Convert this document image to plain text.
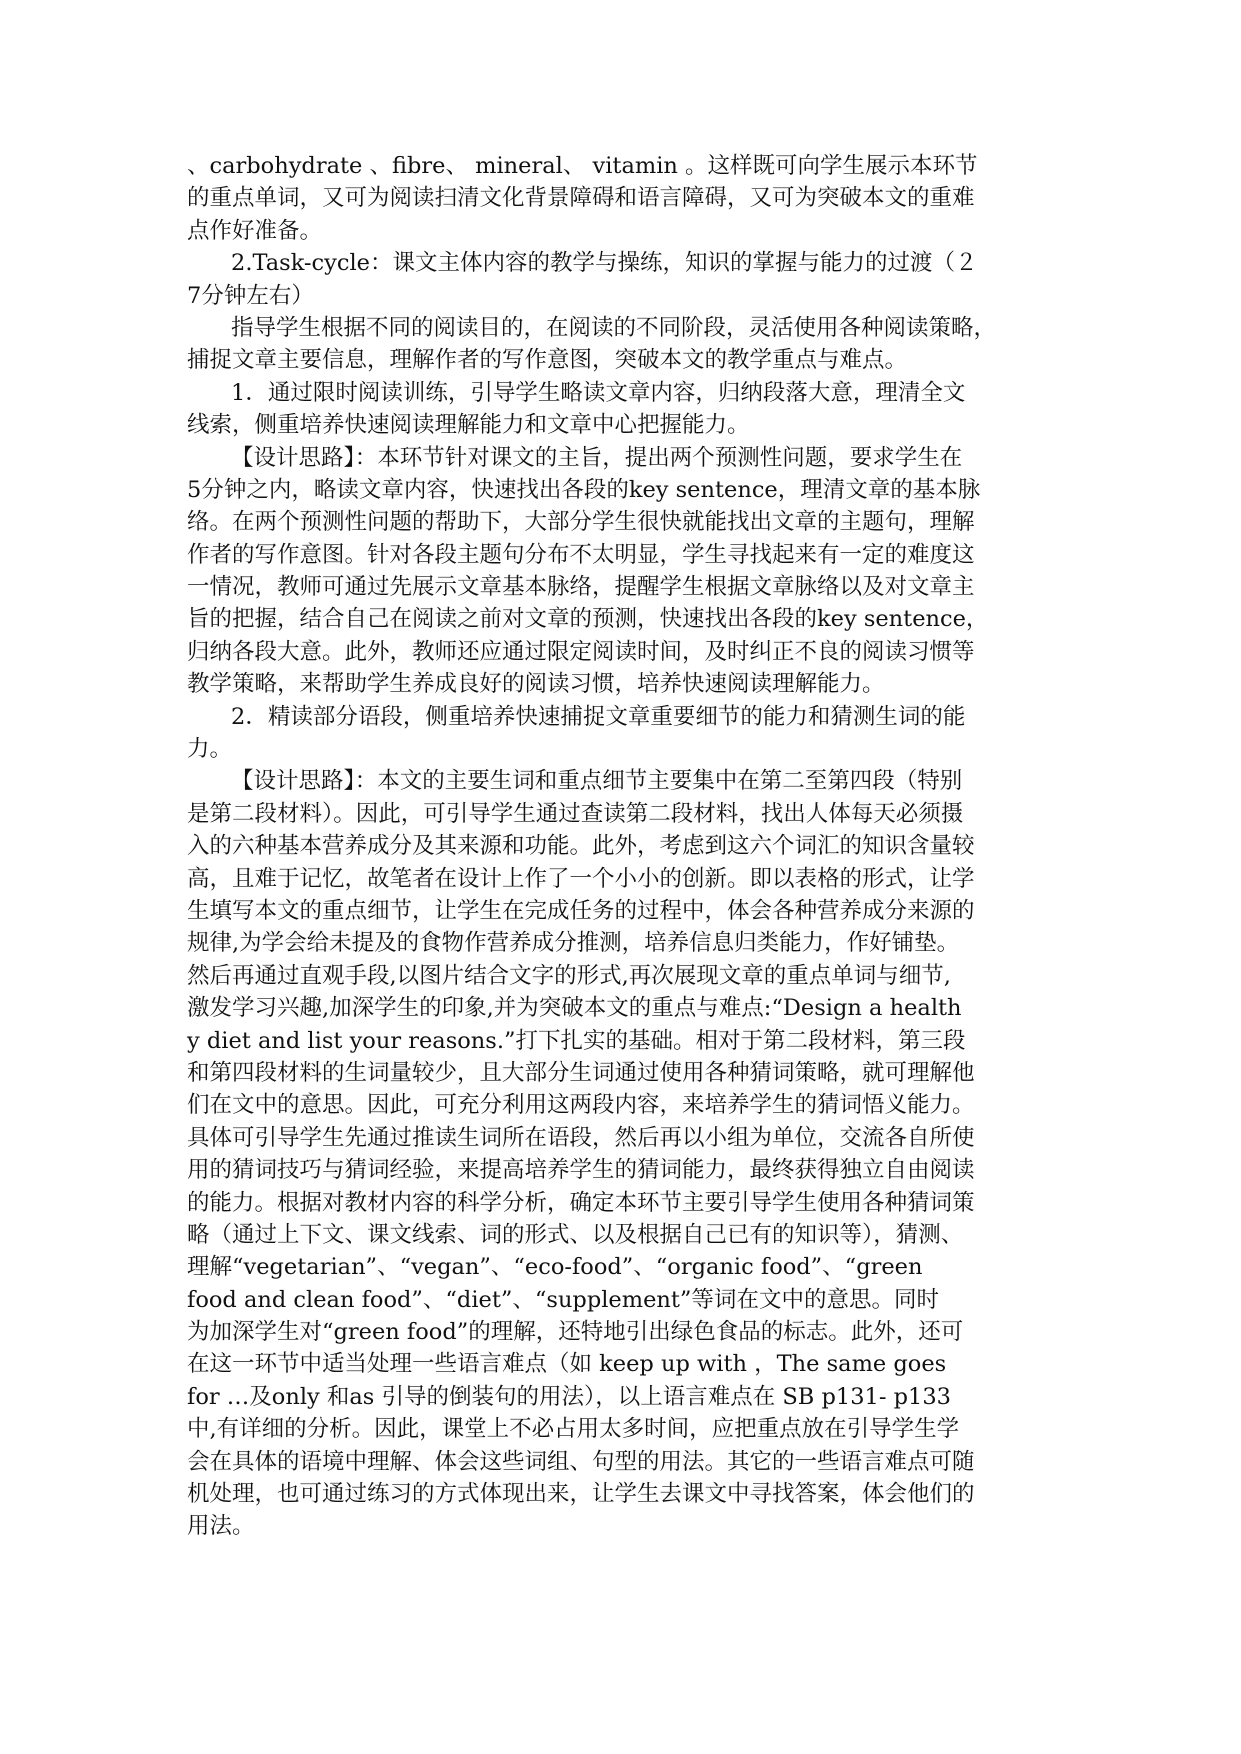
、carbohydrate 、fibre、 mineral、 vitamin 。这样既可向学生展示本环节
的重点单词，又可为阅读扫清文化背景障碍和语言障碍，又可为突破本文的重难
点作好准备。
2.Task-cycle：课文主体内容的教学与操练，知识的掌握与能力的过渡（２
7分钟左右）
指导学生根据不同的阅读目的，在阅读的不同阶段，灵活使用各种阅读策略，
捕捉文章主要信息，理解作者的写作意图，突破本文的教学重点与难点。
1．通过限时阅读训练，引导学生略读文章内容，归纳段落大意，理清全文
线索，侧重培养快速阅读理解能力和文章中心把握能力。
【设计思路】：本环节针对课文的主旨，提出两个预测性问题，要求学生在
5分钟之内，略读文章内容，快速找出各段的key sentence，理清文章的基本脉
络。在两个预测性问题的帮助下，大部分学生很快就能找出文章的主题句，理解
作者的写作意图。针对各段主题句分布不太明显，学生寻找起来有一定的难度这
一情况，教师可通过先展示文章基本脉络，提醒学生根据文章脉络以及对文章主
旨的把握，结合自己在阅读之前对文章的预测，快速找出各段的key sentence，
归纳各段大意。此外，教师还应通过限定阅读时间，及时纠正不良的阅读习惯等
教学策略，来帮助学生养成良好的阅读习惯，培养快速阅读理解能力。
2．精读部分语段，侧重培养快速捕捉文章重要细节的能力和猜测生词的能
力。
【设计思路】：本文的主要生词和重点细节主要集中在第二至第四段（特别
是第二段材料）。因此，可引导学生通过查读第二段材料，找出人体每天必须摄
入的六种基本营养成分及其来源和功能。此外，考虑到这六个词汇的知识含量较
高，且难于记忆，故笔者在设计上作了一个小小的创新。即以表格的形式，让学
生填写本文的重点细节，让学生在完成任务的过程中，体会各种营养成分来源的
规律,为学会给未提及的食物作营养成分推测，培养信息归类能力，作好铺垫。
然后再通过直观手段,以图片结合文字的形式,再次展现文章的重点单词与细节,
激发学习兴趣,加深学生的印象,并为突破本文的重点与难点:“Design a health
y diet and list your reasons.”打下扎实的基础。相对于第二段材料，第三段
和第四段材料的生词量较少，且大部分生词通过使用各种猜词策略，就可理解他
们在文中的意思。因此，可充分利用这两段内容，来培养学生的猜词悟义能力。
具体可引导学生先通过推读生词所在语段，然后再以小组为单位，交流各自所使
用的猜词技巧与猜词经验，来提高培养学生的猜词能力，最终获得独立自由阅读
的能力。根据对教材内容的科学分析，确定本环节主要引导学生使用各种猜词策
略（通过上下文、课文线索、词的形式、以及根据自己已有的知识等），猜测、
理解“vegetarian”、“vegan”、“eco-food”、“organic food”、“green
food and clean food”、“diet”、“supplement”等词在文中的意思。同时
为加深学生对“green food”的理解，还特地引出绿色食品的标志。此外，还可
在这一环节中适当处理一些语言难点（如 keep up with ，The same goes
for …及only 和as 引导的倒装句的用法），以上语言难点在 SB p131- p133
中,有详细的分析。因此，课堂上不必占用太多时间，应把重点放在引导学生学
会在具体的语境中理解、体会这些词组、句型的用法。其它的一些语言难点可随
机处理，也可通过练习的方式体现出来，让学生去课文中寻找答案，体会他们的
用法。
